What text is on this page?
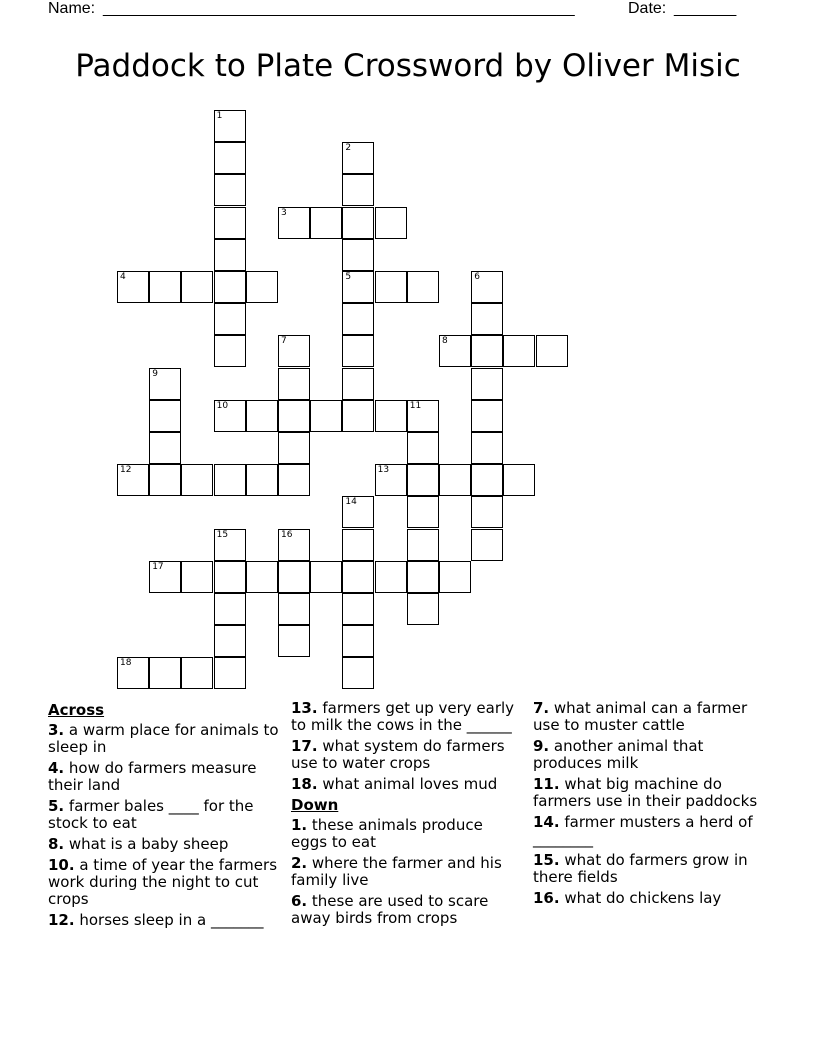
Name: _____________________________________________________	Date: _______
Paddock to Plate Crossword by Oliver Misic
1
2
5
3
4	6
7	8
9
10	11
12	13
14
15	16
17
18
Across
3. a warm place for animals to sleep in
4. how do farmers measure their land
5. farmer bales ____ for the stock to eat
8. what is a baby sheep
10. a time of year the farmers work during the night to cut crops
12. horses sleep in a _______
13. farmers get up very early to milk the cows in the ______
17. what system do farmers use to water crops
18. what animal loves mud
Down
1. these animals produce eggs to eat
2. where the farmer and his family live
6. these are used to scare away birds from crops
7. what animal can a farmer use to muster cattle
9. another animal that produces milk
11. what big machine do farmers use in their paddocks
14. farmer musters a herd of ________
15. what do farmers grow in there fields
16. what do chickens lay
